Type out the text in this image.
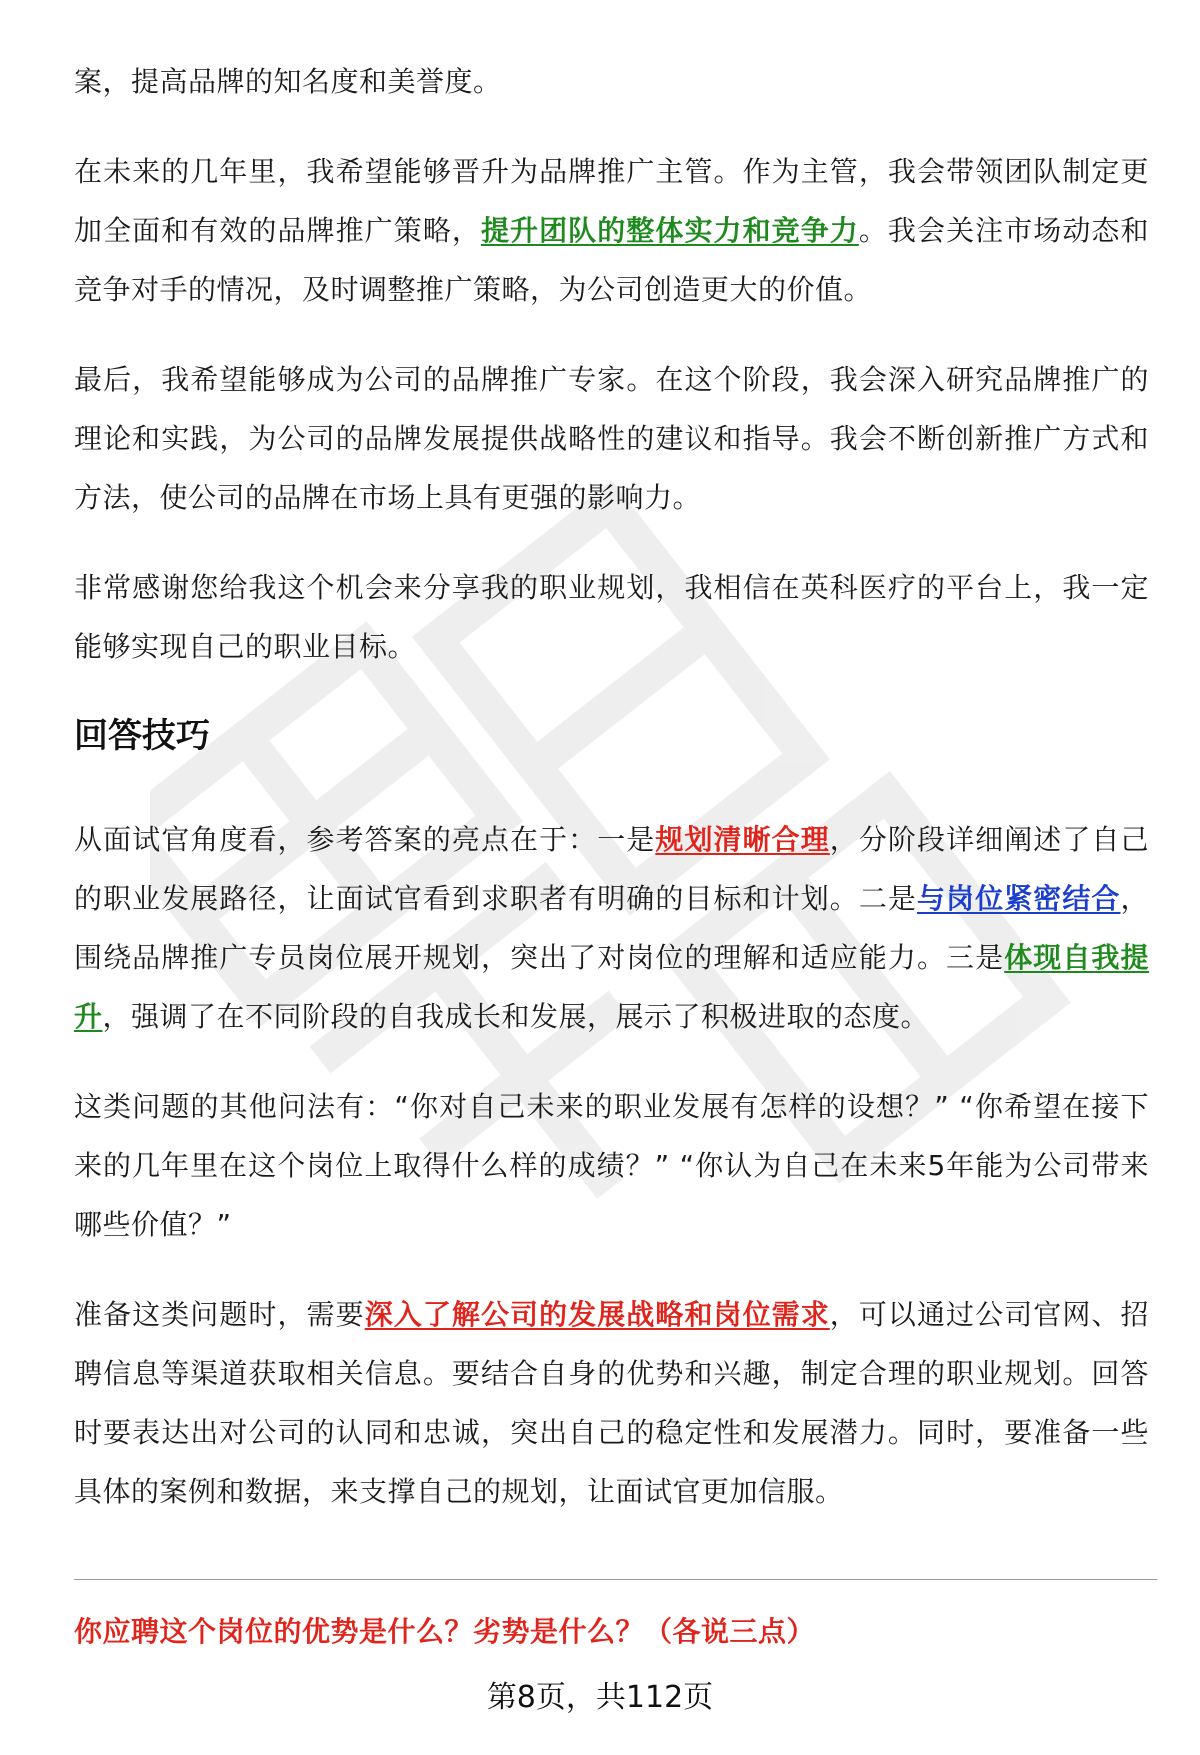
案，提高品牌的知名度和美誉度。

在未来的几年里，我希望能够晋升为品牌推广主管。作为主管，我会带领团队制定更加全面和有效的品牌推广策略，提升团队的整体实力和竞争力。我会关注市场动态和竞争对手的情况，及时调整推广策略，为公司创造更大的价值。

最后，我希望能够成为公司的品牌推广专家。在这个阶段，我会深入研究品牌推广的理论和实践，为公司的品牌发展提供战略性的建议和指导。我会不断创新推广方式和方法，使公司的品牌在市场上具有更强的影响力。

非常感谢您给我这个机会来分享我的职业规划，我相信在英科医疗的平台上，我一定能够实现自己的职业目标。

回答技巧

从面试官角度看，参考答案的亮点在于：一是规划清晰合理，分阶段详细阐述了自己的职业发展路径，让面试官看到求职者有明确的目标和计划。二是与岗位紧密结合，围绕品牌推广专员岗位展开规划，突出了对岗位的理解和适应能力。三是体现自我提升，强调了在不同阶段的自我成长和发展，展示了积极进取的态度。

这类问题的其他问法有：“你对自己未来的职业发展有怎样的设想？” “你希望在接下来的几年里在这个岗位上取得什么样的成绩？” “你认为自己在未来5年能为公司带来哪些价值？”

准备这类问题时，需要深入了解公司的发展战略和岗位需求，可以通过公司官网、招聘信息等渠道获取相关信息。要结合自身的优势和兴趣，制定合理的职业规划。回答时要表达出对公司的认同和忠诚，突出自己的稳定性和发展潜力。同时，要准备一些具体的案例和数据，来支撑自己的规划，让面试官更加信服。

你应聘这个岗位的优势是什么？劣势是什么？（各说三点）
第8页，共112页
